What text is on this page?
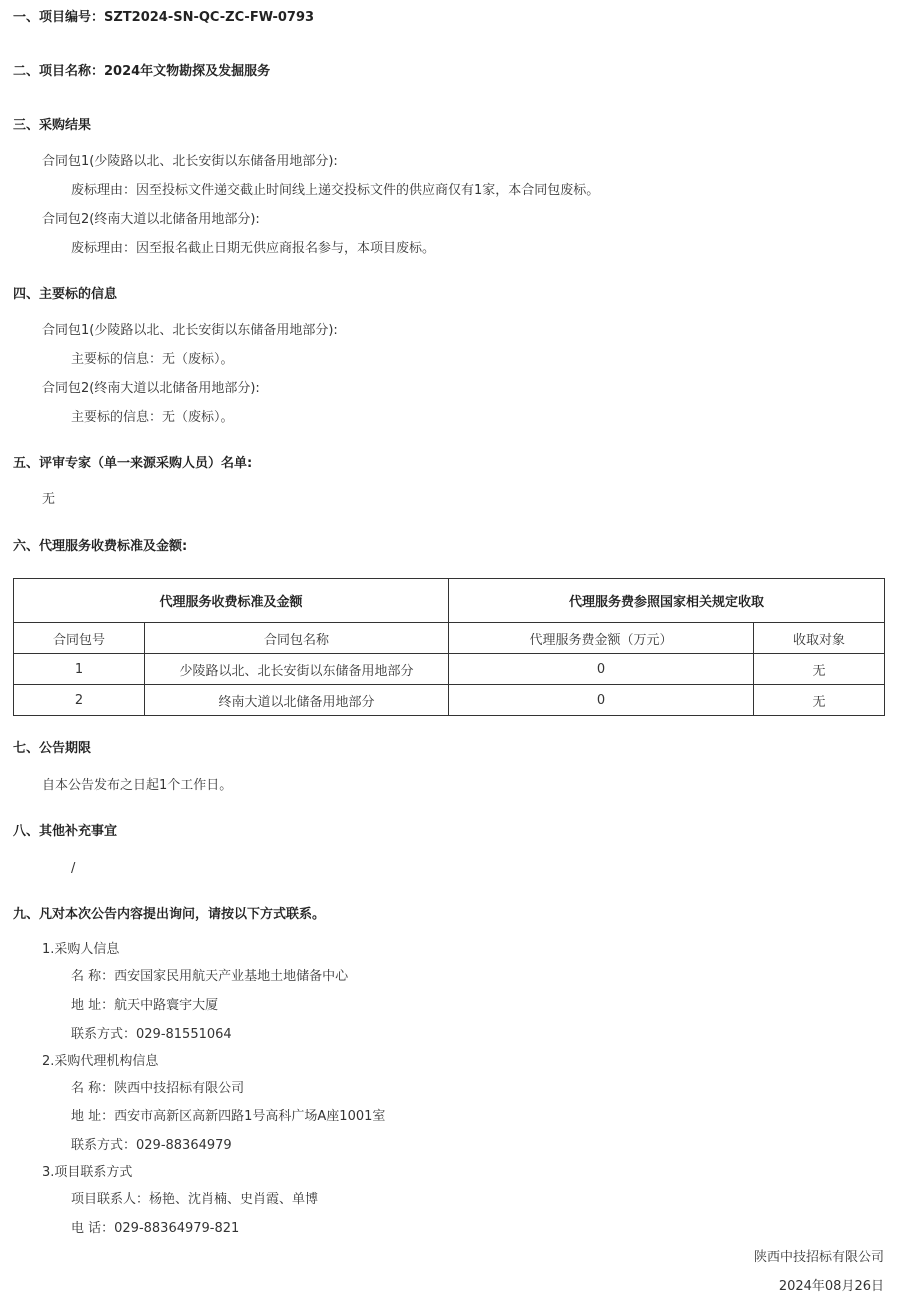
一、项目编号：SZT2024-SN-QC-ZC-FW-0793
二、项目名称：2024年文物勘探及发掘服务
三、采购结果
合同包1(少陵路以北、北长安街以东储备用地部分):
废标理由：因至投标文件递交截止时间线上递交投标文件的供应商仅有1家，本合同包废标。
合同包2(终南大道以北储备用地部分):
废标理由：因至报名截止日期无供应商报名参与，本项目废标。
四、主要标的信息
合同包1(少陵路以北、北长安街以东储备用地部分):
主要标的信息：无（废标）。
合同包2(终南大道以北储备用地部分):
主要标的信息：无（废标）。
五、评审专家（单一来源采购人员）名单:
无
六、代理服务收费标准及金额:
代理服务收费标准及金额		代理服务费参照国家相关规定收取	
合同包号	合同包名称	代理服务费金额（万元）	收取对象
1	少陵路以北、北长安街以东储备用地部分	0	无
2	终南大道以北储备用地部分	0	无
七、公告期限
自本公告发布之日起1个工作日。
八、其他补充事宜
/
九、凡对本次公告内容提出询问，请按以下方式联系。
1.采购人信息
名 称：西安国家民用航天产业基地土地储备中心
地 址：航天中路寰宇大厦
联系方式：029-81551064
2.采购代理机构信息
名 称：陕西中技招标有限公司
地 址：西安市高新区高新四路1号高科广场A座1001室
联系方式：029-88364979
3.项目联系方式
项目联系人：杨艳、沈肖楠、史肖霞、单博
电 话：029-88364979-821
陕西中技招标有限公司
2024年08月26日
